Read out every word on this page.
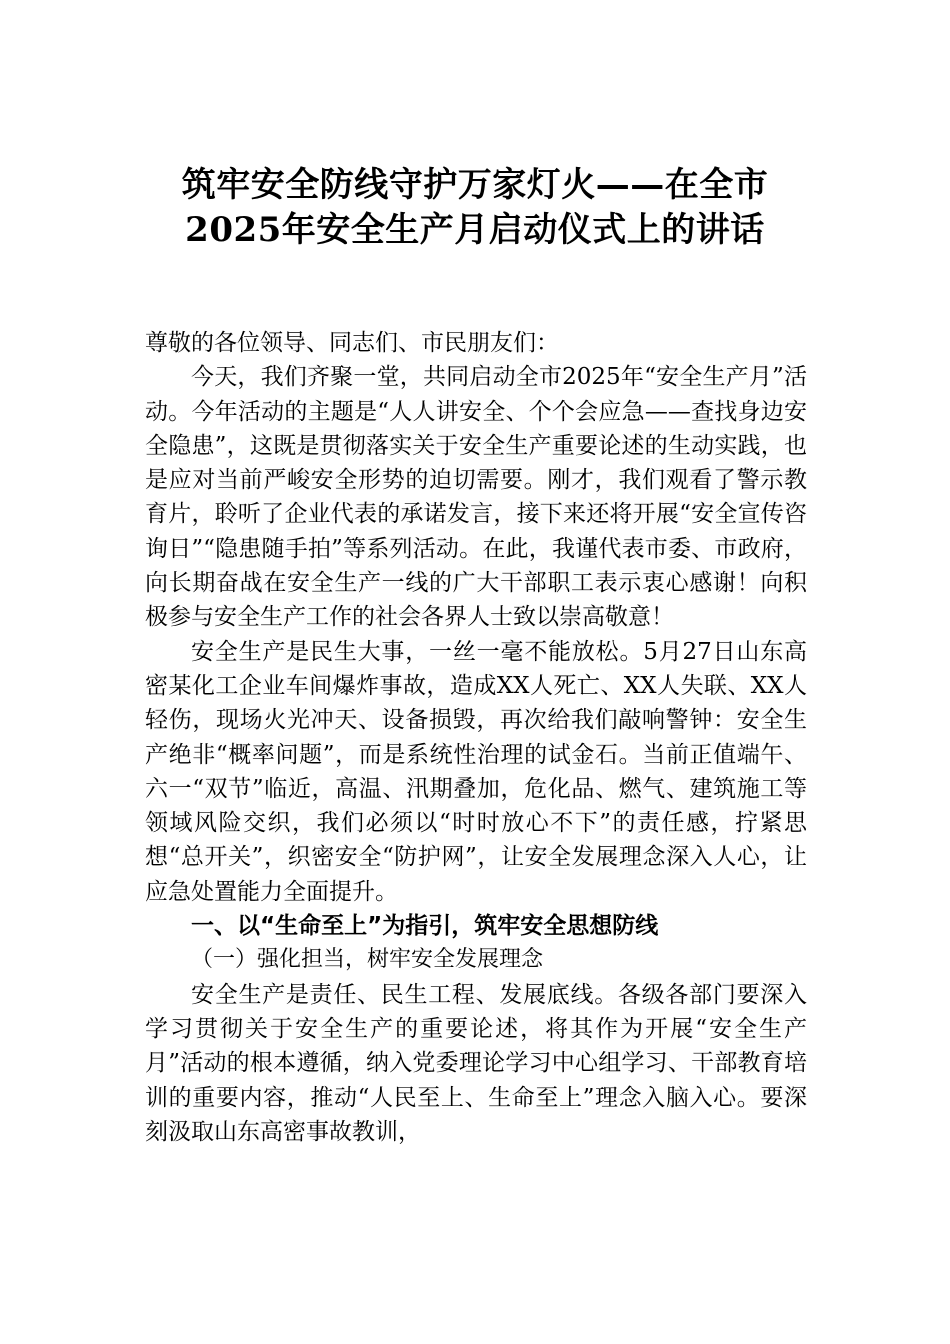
筑牢安全防线守护万家灯火——在全市
2025年安全生产月启动仪式上的讲话

尊敬的各位领导、同志们、市民朋友们：

今天，我们齐聚一堂，共同启动全市2025年“安全生产月”活动。今年活动的主题是“人人讲安全、个个会应急——查找身边安全隐患”，这既是贯彻落实关于安全生产重要论述的生动实践，也是应对当前严峻安全形势的迫切需要。刚才，我们观看了警示教育片，聆听了企业代表的承诺发言，接下来还将开展“安全宣传咨询日”“隐患随手拍”等系列活动。在此，我谨代表市委、市政府，向长期奋战在安全生产一线的广大干部职工表示衷心感谢！向积极参与安全生产工作的社会各界人士致以崇高敬意！

安全生产是民生大事，一丝一毫不能放松。5月27日山东高密某化工企业车间爆炸事故，造成XX人死亡、XX人失联、XX人轻伤，现场火光冲天、设备损毁，再次给我们敲响警钟：安全生产绝非“概率问题”，而是系统性治理的试金石。当前正值端午、六一“双节”临近，高温、汛期叠加，危化品、燃气、建筑施工等领域风险交织，我们必须以“时时放心不下”的责任感，拧紧思想“总开关”，织密安全“防护网”，让安全发展理念深入人心，让应急处置能力全面提升。

一、以“生命至上”为指引，筑牢安全思想防线

（一）强化担当，树牢安全发展理念

安全生产是责任、民生工程、发展底线。各级各部门要深入学习贯彻关于安全生产的重要论述，将其作为开展“安全生产月”活动的根本遵循，纳入党委理论学习中心组学习、干部教育培训的重要内容，推动“人民至上、生命至上”理念入脑入心。要深刻汲取山东高密事故教训，
